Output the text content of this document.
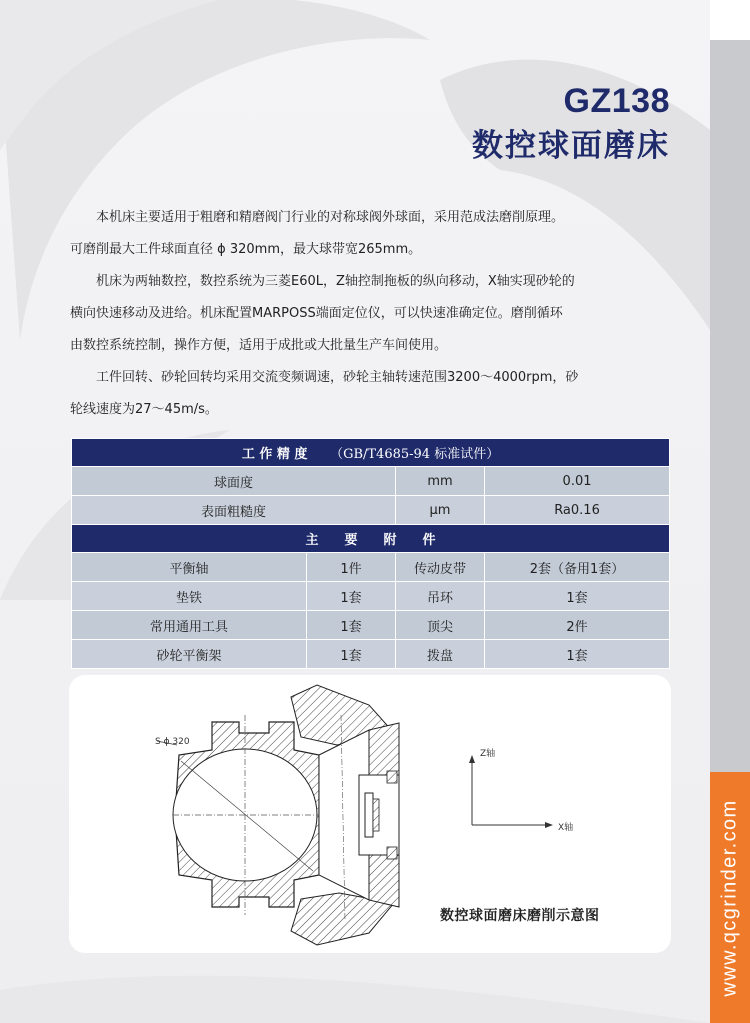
www.qcgrinder.com
GZ138
数控球面磨床

本机床主要适用于粗磨和精磨阀门行业的对称球阀外球面，采用范成法磨削原理。

可磨削最大工件球面直径 ϕ 320mm，最大球带宽265mm。

机床为两轴数控，数控系统为三菱E60L，Z轴控制拖板的纵向移动，X轴实现砂轮的

横向快速移动及进给。机床配置MARPOSS端面定位仪，可以快速准确定位。磨削循环

由数控系统控制，操作方便，适用于成批或大批量生产车间使用。

工件回转、砂轮回转均采用交流变频调速，砂轮主轴转速范围3200～4000rpm，砂

轮线速度为27～45m/s。

工 作 精 度 （GB/T4685-94 标准试件）			
球面度		mm	0.01
表面粗糙度		μm	Ra0.16
主　　要　　附　　件			
平衡轴	1件	传动皮带	2套（备用1套）
垫铁	1套	吊环	1套
常用通用工具	1套	顶尖	2件
砂轮平衡架	1套	拨盘	1套
S ϕ 320
Z轴
X轴
数控球面磨床磨削示意图
